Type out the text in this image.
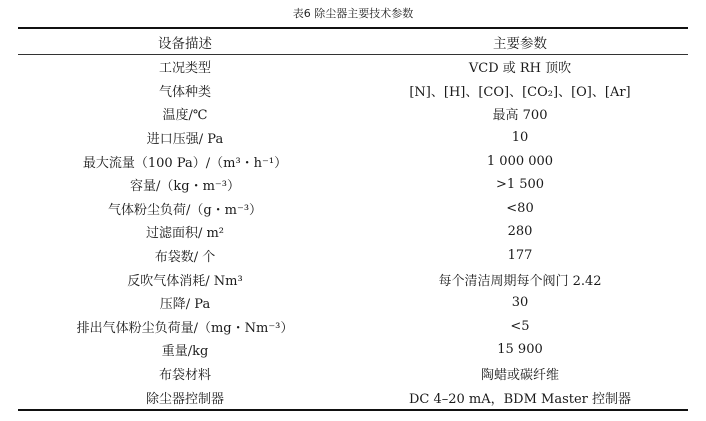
表6 除尘器主要技术参数
设备描述	主要参数
工况类型	VCD 或 RH 顶吹
气体种类	[N]、[H]、[CO]、[CO₂]、[O]、[Ar]
温度/℃	最高 700
进口压强/ Pa	10
最大流量（100 Pa）/（m³・h⁻¹）	1 000 000
容量/（kg・m⁻³）	>1 500
气体粉尘负荷/（g・m⁻³）	<80
过滤面积/ m²	280
布袋数/ 个	177
反吹气体消耗/ Nm³	每个清洁周期每个阀门 2.42
压降/ Pa	30
排出气体粉尘负荷量/（mg・Nm⁻³）	<5
重量/kg	15 900
布袋材料	陶蜡或碳纤维
除尘器控制器	DC 4–20 mA，BDM Master 控制器
